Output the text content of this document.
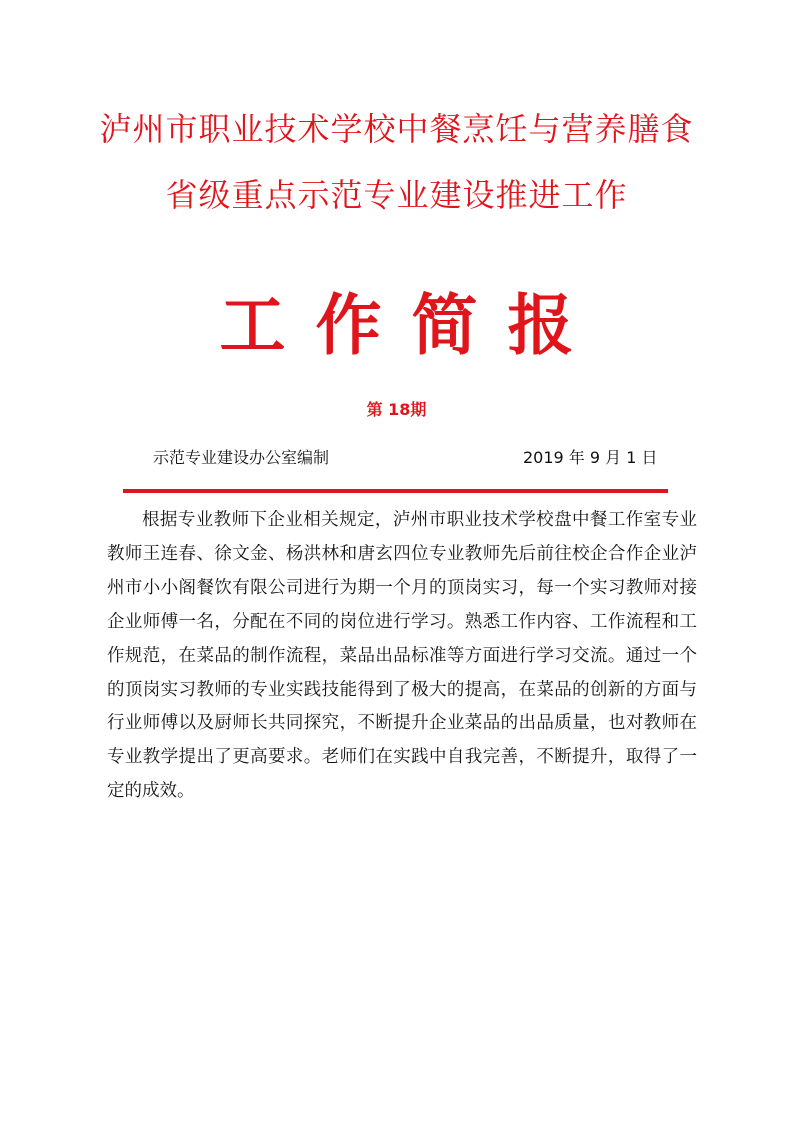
泸州市职业技术学校中餐烹饪与营养膳食
省级重点示范专业建设推进工作
工作简报
第 18期
示范专业建设办公室编制	2019 年 9 月 1 日

根据专业教师下企业相关规定，泸州市职业技术学校盘中餐工作室专业教师王连春、徐文金、杨洪林和唐玄四位专业教师先后前往校企合作企业泸州市小小阁餐饮有限公司进行为期一个月的顶岗实习，每一个实习教师对接企业师傅一名，分配在不同的岗位进行学习。熟悉工作内容、工作流程和工作规范，在菜品的制作流程，菜品出品标准等方面进行学习交流。通过一个的顶岗实习教师的专业实践技能得到了极大的提高，在菜品的创新的方面与行业师傅以及厨师长共同探究，不断提升企业菜品的出品质量，也对教师在专业教学提出了更高要求。老师们在实践中自我完善，不断提升，取得了一定的成效。
